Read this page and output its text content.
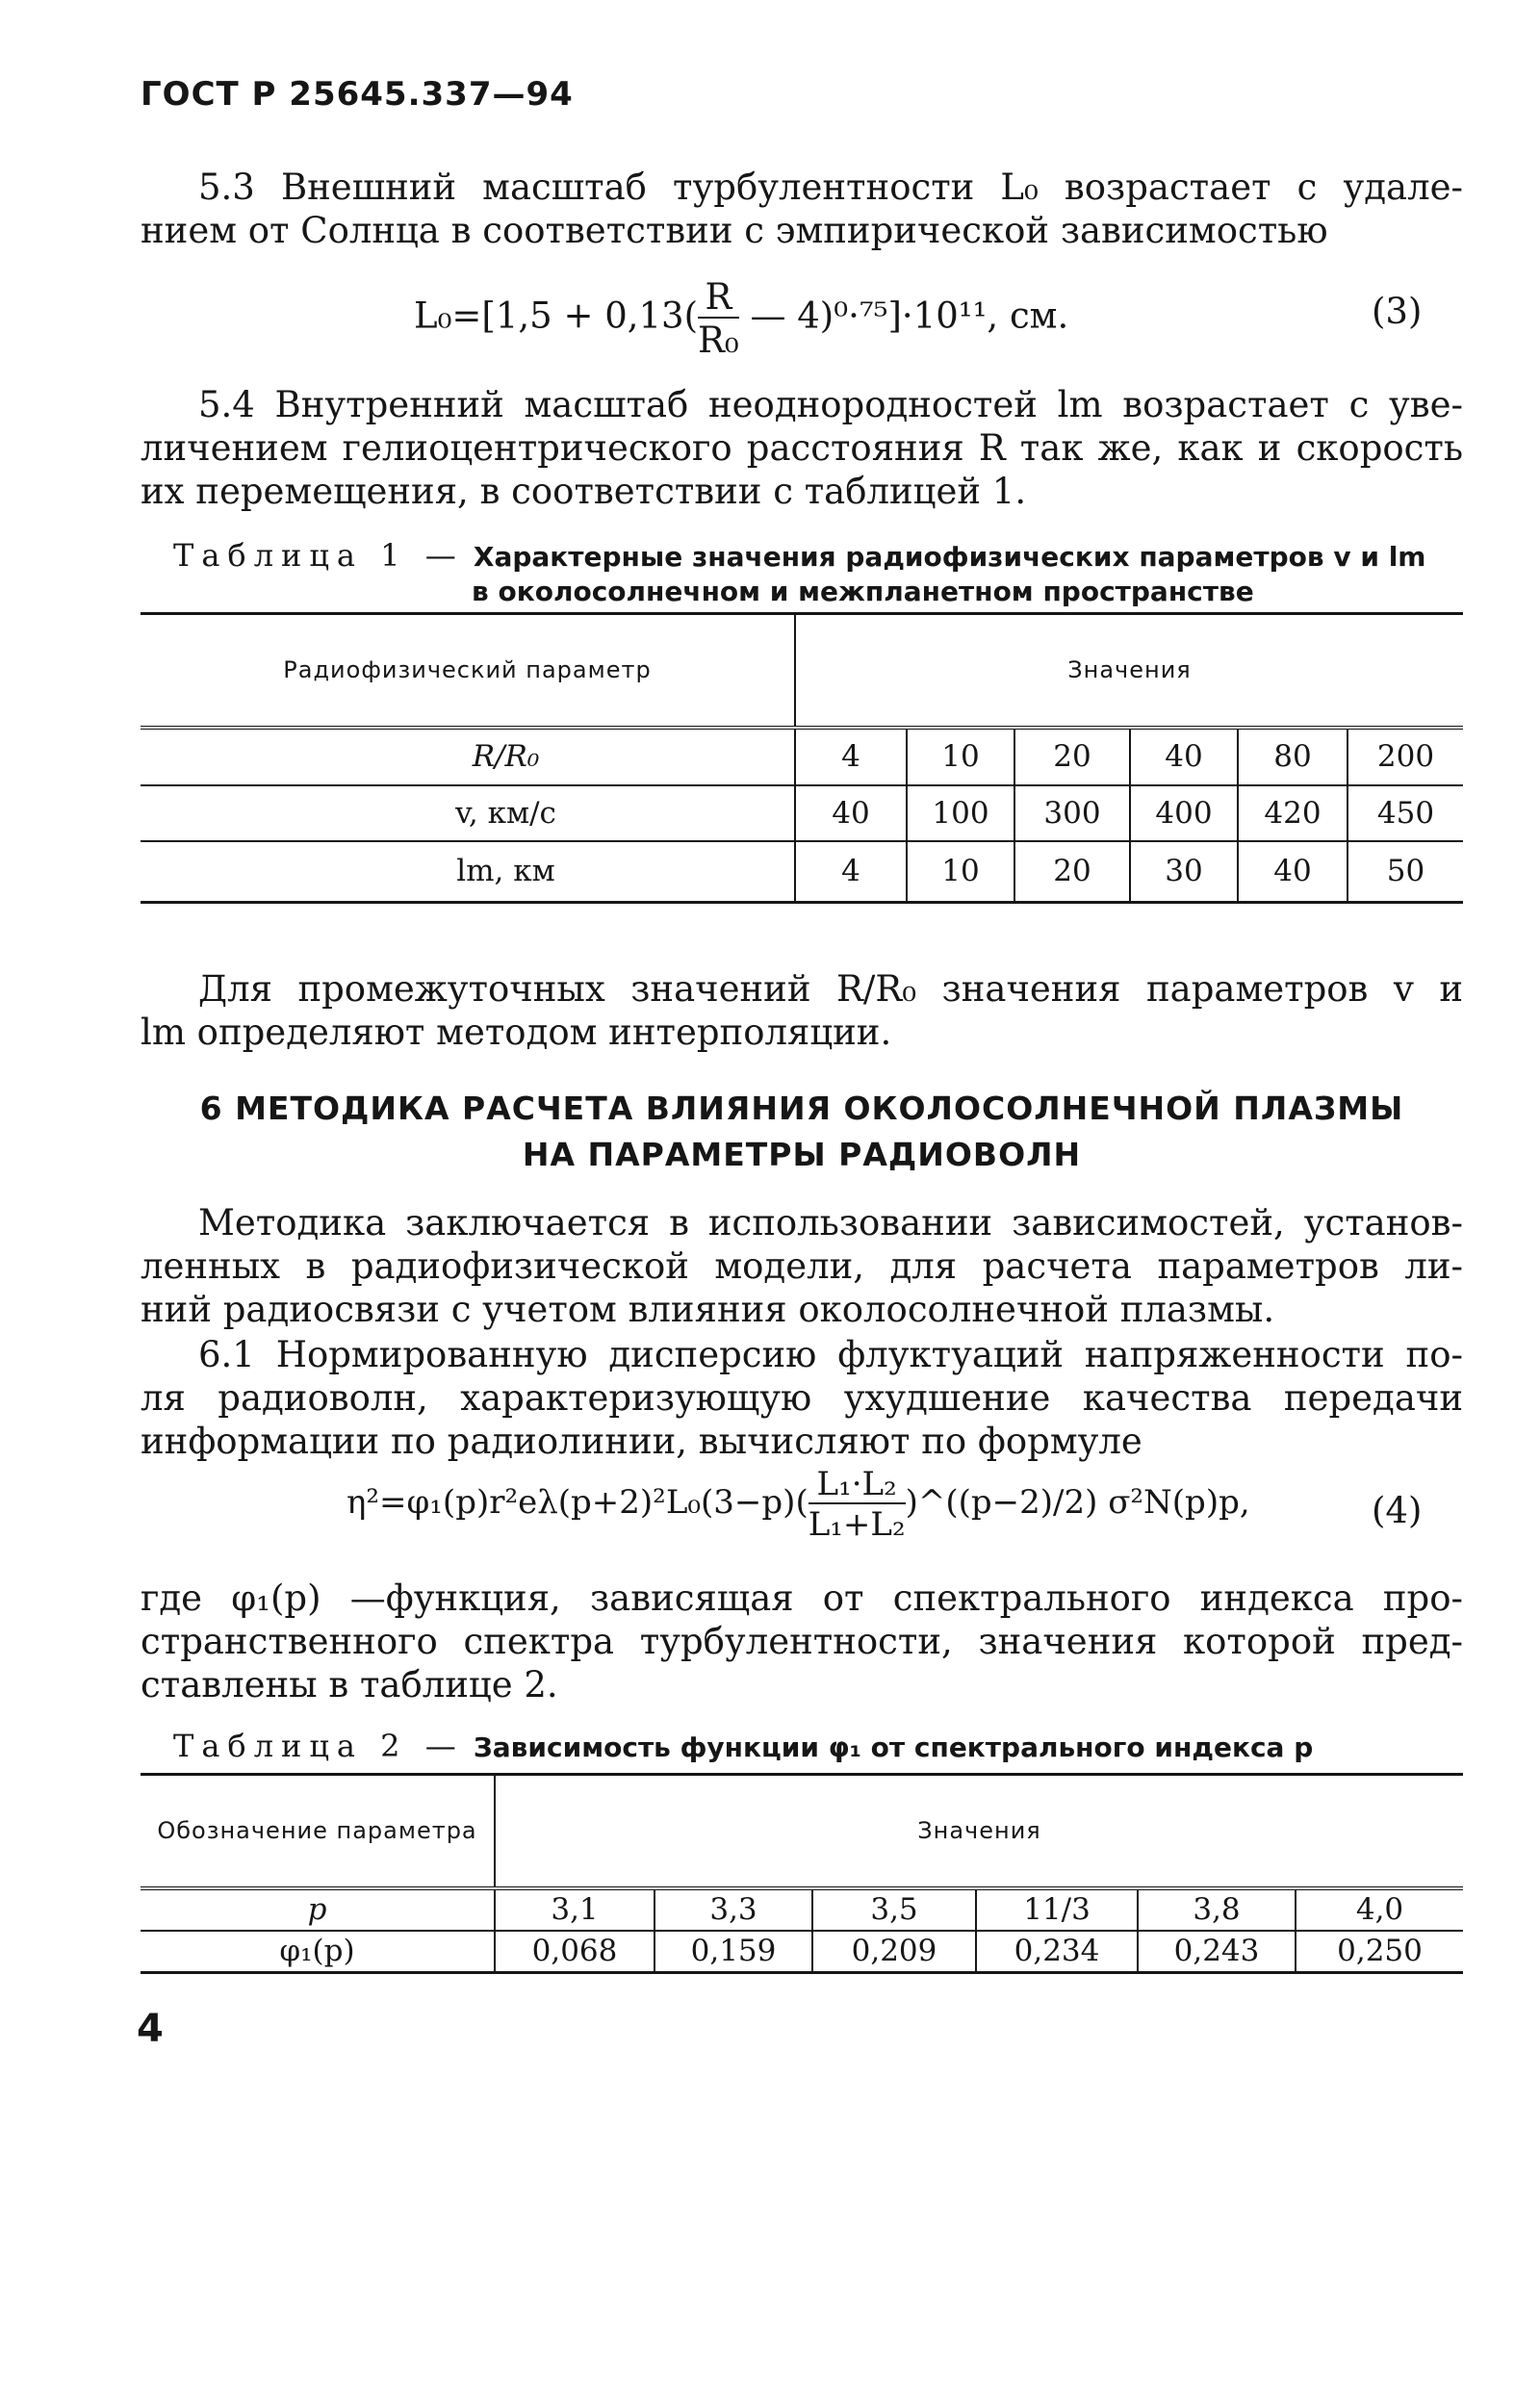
ГОСТ Р 25645.337—94
5.3 Внешний масштаб турбулентности L₀ возрастает с удале-
нием от Солнца в соответствии с эмпирической зависимостью
$L_0=[1,5 + 0,13( \frac{R}{\text{R₀}}$ — 4)⁰·⁷⁵]·10¹¹, см.	(3)
5.4 Внутренний масштаб неоднородностей lm возрастает с уве-
личением гелиоцентрического расстояния R так же, как и скорость
их перемещения, в соответствии с таблицей 1.
Таблица 1 — Характерные значения радиофизических параметров v и lm
в околосолнечном и межпланетном пространстве
Радиофизический параметр	Значения					
R/R₀	4	10	20	40	80	200
v, км/с	40	100	300	400	420	450
lm, км	4	10	20	30	40	50
Для промежуточных значений R/R₀ значения параметров v и
lm определяют методом интерполяции.
6 МЕТОДИКА РАСЧЕТА ВЛИЯНИЯ ОКОЛОСОЛНЕЧНОЙ ПЛАЗМЫ
НА ПАРАМЕТРЫ РАДИОВОЛН
Методика заключается в использовании зависимостей, установ-
ленных в радиофизической модели, для расчета параметров ли-
ний радиосвязи с учетом влияния околосолнечной плазмы.
6.1 Нормированную дисперсию флуктуаций напряженности по-
ля радиоволн, характеризующую ухудшение качества передачи
информации по радиолинии, вычисляют по формуле
$\eta^2=\varphi_1(p)r^2e\lambda(p+2)^2L_0(3-p)( \frac{\text{L₁·L₂}}{\text{L₁+L₂}}$ )^((p−2)/2) σ²N(p)p,	(4)
где φ₁(p) —функция, зависящая от спектрального индекса про-
странственного спектра турбулентности, значения которой пред-
ставлены в таблице 2.
Таблица 2 — Зависимость функции φ₁ от спектрального индекса p
Обозначение параметра	Значения					
p	3,1	3,3	3,5	11/3	3,8	4,0
φ₁(p)	0,068	0,159	0,209	0,234	0,243	0,250
4
